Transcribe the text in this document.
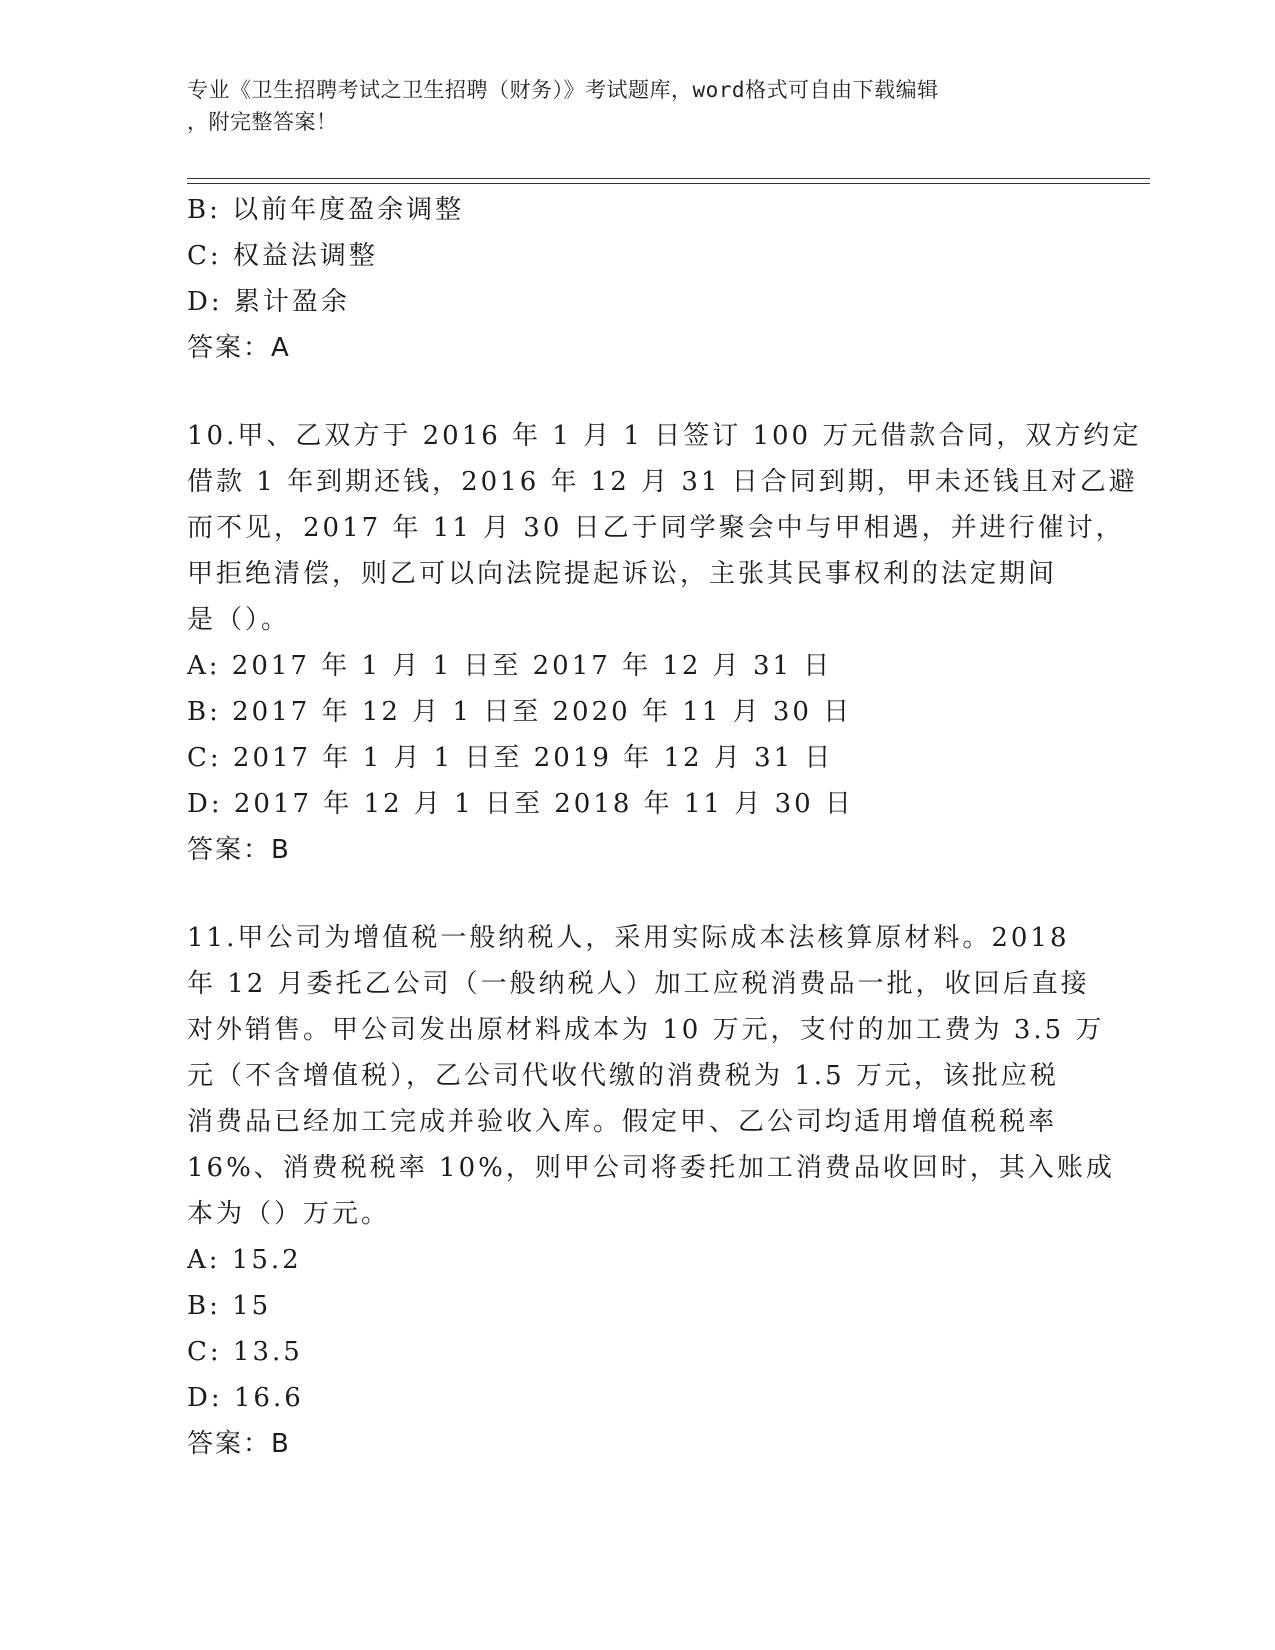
专业《卫生招聘考试之卫生招聘（财务）》考试题库，word格式可自由下载编辑
，附完整答案！
B: 以前年度盈余调整
C: 权益法调整
D: 累计盈余
答案：A
10.甲、乙双方于 2016 年 1 月 1 日签订 100 万元借款合同，双方约定
借款 1 年到期还钱，2016 年 12 月 31 日合同到期，甲未还钱且对乙避
而不见，2017 年 11 月 30 日乙于同学聚会中与甲相遇，并进行催讨，
甲拒绝清偿，则乙可以向法院提起诉讼，主张其民事权利的法定期间
是（）。
A: 2017 年 1 月 1 日至 2017 年 12 月 31 日
B: 2017 年 12 月 1 日至 2020 年 11 月 30 日
C: 2017 年 1 月 1 日至 2019 年 12 月 31 日
D: 2017 年 12 月 1 日至 2018 年 11 月 30 日
答案：B
11.甲公司为增值税一般纳税人，采用实际成本法核算原材料。2018
年 12 月委托乙公司（一般纳税人）加工应税消费品一批，收回后直接
对外销售。甲公司发出原材料成本为 10 万元，支付的加工费为 3.5 万
元（不含增值税），乙公司代收代缴的消费税为 1.5 万元，该批应税
消费品已经加工完成并验收入库。假定甲、乙公司均适用增值税税率
16%、消费税税率 10%，则甲公司将委托加工消费品收回时，其入账成
本为（）万元。
A: 15.2
B: 15
C: 13.5
D: 16.6
答案：B
